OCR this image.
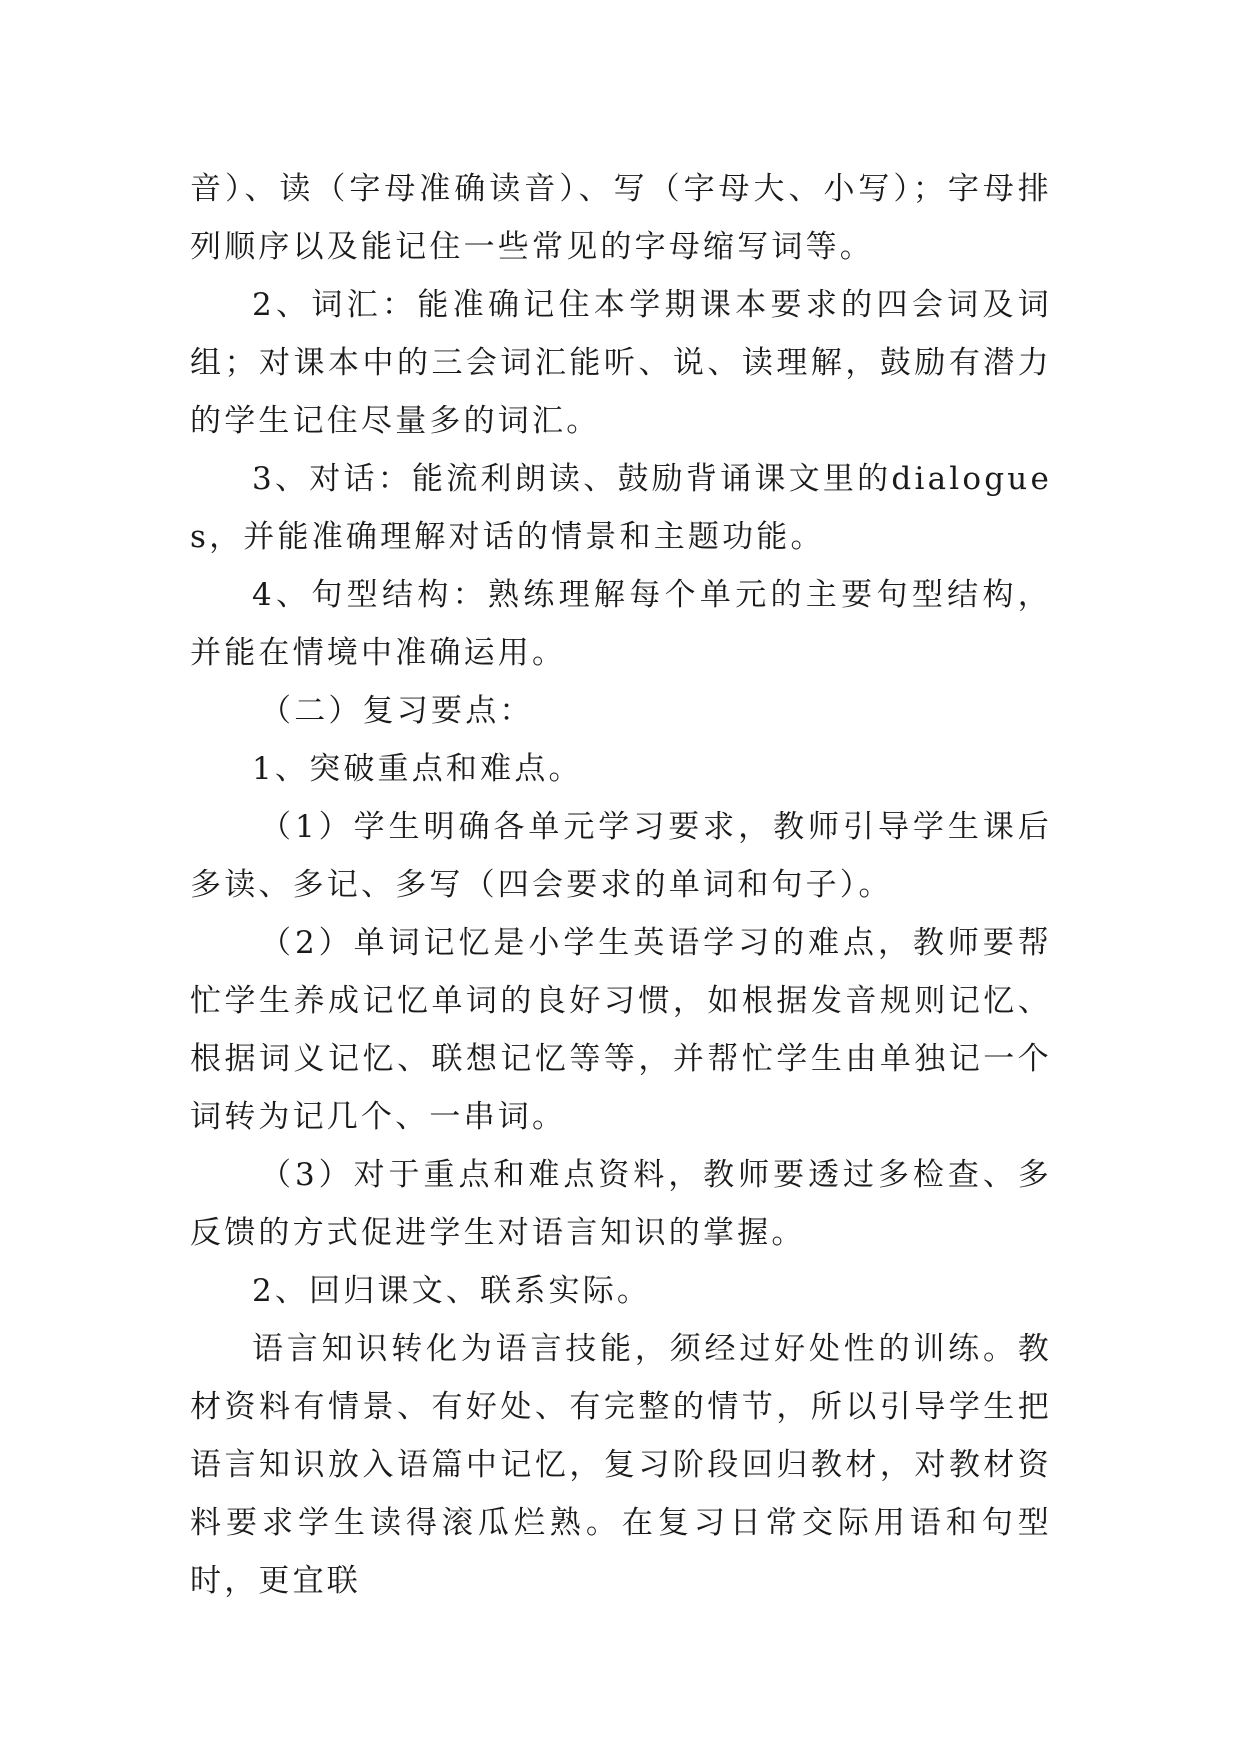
音）、读（字母准确读音）、写（字母大、小写）；字母排列顺序以及能记住一些常见的字母缩写词等。

2、词汇：能准确记住本学期课本要求的四会词及词组；对课本中的三会词汇能听、说、读理解，鼓励有潜力的学生记住尽量多的词汇。

3、对话：能流利朗读、鼓励背诵课文里的dialogues，并能准确理解对话的情景和主题功能。

4、句型结构：熟练理解每个单元的主要句型结构，并能在情境中准确运用。

（二）复习要点：

1、突破重点和难点。

（1）学生明确各单元学习要求，教师引导学生课后多读、多记、多写（四会要求的单词和句子）。

（2）单词记忆是小学生英语学习的难点，教师要帮忙学生养成记忆单词的良好习惯，如根据发音规则记忆、根据词义记忆、联想记忆等等，并帮忙学生由单独记一个词转为记几个、一串词。

（3）对于重点和难点资料，教师要透过多检查、多反馈的方式促进学生对语言知识的掌握。

2、回归课文、联系实际。

语言知识转化为语言技能，须经过好处性的训练。教材资料有情景、有好处、有完整的情节，所以引导学生把语言知识放入语篇中记忆，复习阶段回归教材，对教材资料要求学生读得滚瓜烂熟。在复习日常交际用语和句型时，更宜联
